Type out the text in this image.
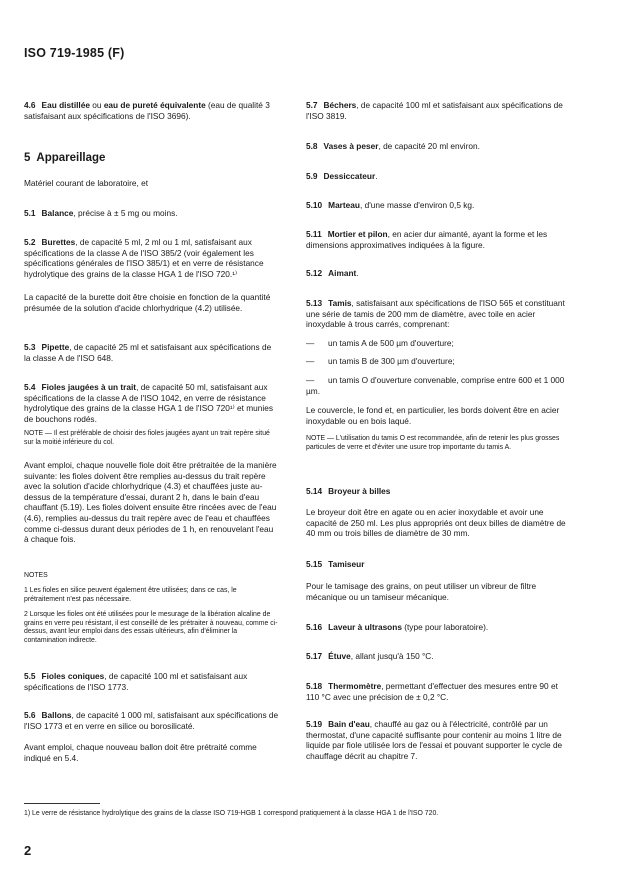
ISO 719-1985 (F)

4.6 Eau distillée ou eau de pureté équivalente (eau de qualité 3 satisfaisant aux spécifications de l'ISO 3696).

5 Appareillage

Matériel courant de laboratoire, et

5.1 Balance, précise à ± 5 mg ou moins.

5.2 Burettes, de capacité 5 ml, 2 ml ou 1 ml, satisfaisant aux spécifications de la classe A de l'ISO 385/2 (voir également les spécifications générales de l'ISO 385/1) et en verre de résistance hydrolytique des grains de la classe HGA 1 de l'ISO 720.¹⁾

La capacité de la burette doit être choisie en fonction de la quantité présumée de la solution d'acide chlorhydrique (4.2) utilisée.

5.3 Pipette, de capacité 25 ml et satisfaisant aux spécifications de la classe A de l'ISO 648.

5.4 Fioles jaugées à un trait, de capacité 50 ml, satisfaisant aux spécifications de la classe A de l'ISO 1042, en verre de résistance hydrolytique des grains de la classe HGA 1 de l'ISO 720¹⁾ et munies de bouchons rodés.

NOTE — Il est préférable de choisir des fioles jaugées ayant un trait repère situé sur la moitié inférieure du col.

Avant emploi, chaque nouvelle fiole doit être prétraitée de la manière suivante: les fioles doivent être remplies au-dessus du trait repère avec la solution d'acide chlorhydrique (4.3) et chauffées juste au-dessus de la température d'essai, durant 2 h, dans le bain d'eau chauffant (5.19). Les fioles doivent ensuite être rincées avec de l'eau (4.6), remplies au-dessus du trait repère avec de l'eau et chauffées comme ci-dessus durant deux périodes de 1 h, en renouvelant l'eau à chaque fois.

NOTES

1 Les fioles en silice peuvent également être utilisées; dans ce cas, le prétraitement n'est pas nécessaire.

2 Lorsque les fioles ont été utilisées pour le mesurage de la libération alcaline de grains en verre peu résistant, il est conseillé de les prétraiter à nouveau, comme ci-dessus, avant leur emploi dans des essais ultérieurs, afin d'éliminer la contamination indirecte.

5.5 Fioles coniques, de capacité 100 ml et satisfaisant aux spécifications de l'ISO 1773.

5.6 Ballons, de capacité 1 000 ml, satisfaisant aux spécifications de l'ISO 1773 et en verre en silice ou borosilicaté.

Avant emploi, chaque nouveau ballon doit être prétraité comme indiqué en 5.4.

5.7 Béchers, de capacité 100 ml et satisfaisant aux spécifications de l'ISO 3819.

5.8 Vases à peser, de capacité 20 ml environ.

5.9 Dessiccateur.

5.10 Marteau, d'une masse d'environ 0,5 kg.

5.11 Mortier et pilon, en acier dur aimanté, ayant la forme et les dimensions approximatives indiquées à la figure.

5.12 Aimant.

5.13 Tamis, satisfaisant aux spécifications de l'ISO 565 et constituant une série de tamis de 200 mm de diamètre, avec toile en acier inoxydable à trous carrés, comprenant:

— un tamis A de 500 µm d'ouverture;

— un tamis B de 300 µm d'ouverture;

— un tamis O d'ouverture convenable, comprise entre 600 et 1 000 µm.

Le couvercle, le fond et, en particulier, les bords doivent être en acier inoxydable ou en bois laqué.

NOTE — L'utilisation du tamis O est recommandée, afin de retenir les plus grosses particules de verre et d'éviter une usure trop importante du tamis A.

5.14 Broyeur à billes

Le broyeur doit être en agate ou en acier inoxydable et avoir une capacité de 250 ml. Les plus appropriés ont deux billes de diamètre de 40 mm ou trois billes de diamètre de 30 mm.

5.15 Tamiseur

Pour le tamisage des grains, on peut utiliser un vibreur de filtre mécanique ou un tamiseur mécanique.

5.16 Laveur à ultrasons (type pour laboratoire).

5.17 Étuve, allant jusqu'à 150 °C.

5.18 Thermomètre, permettant d'effectuer des mesures entre 90 et 110 °C avec une précision de ± 0,2 °C.

5.19 Bain d'eau, chauffé au gaz ou à l'électricité, contrôlé par un thermostat, d'une capacité suffisante pour contenir au moins 1 litre de liquide par fiole utilisée lors de l'essai et pouvant supporter le cycle de chauffage décrit au chapitre 7.

1) Le verre de résistance hydrolytique des grains de la classe ISO 719-HGB 1 correspond pratiquement à la classe HGA 1 de l'ISO 720.
2
